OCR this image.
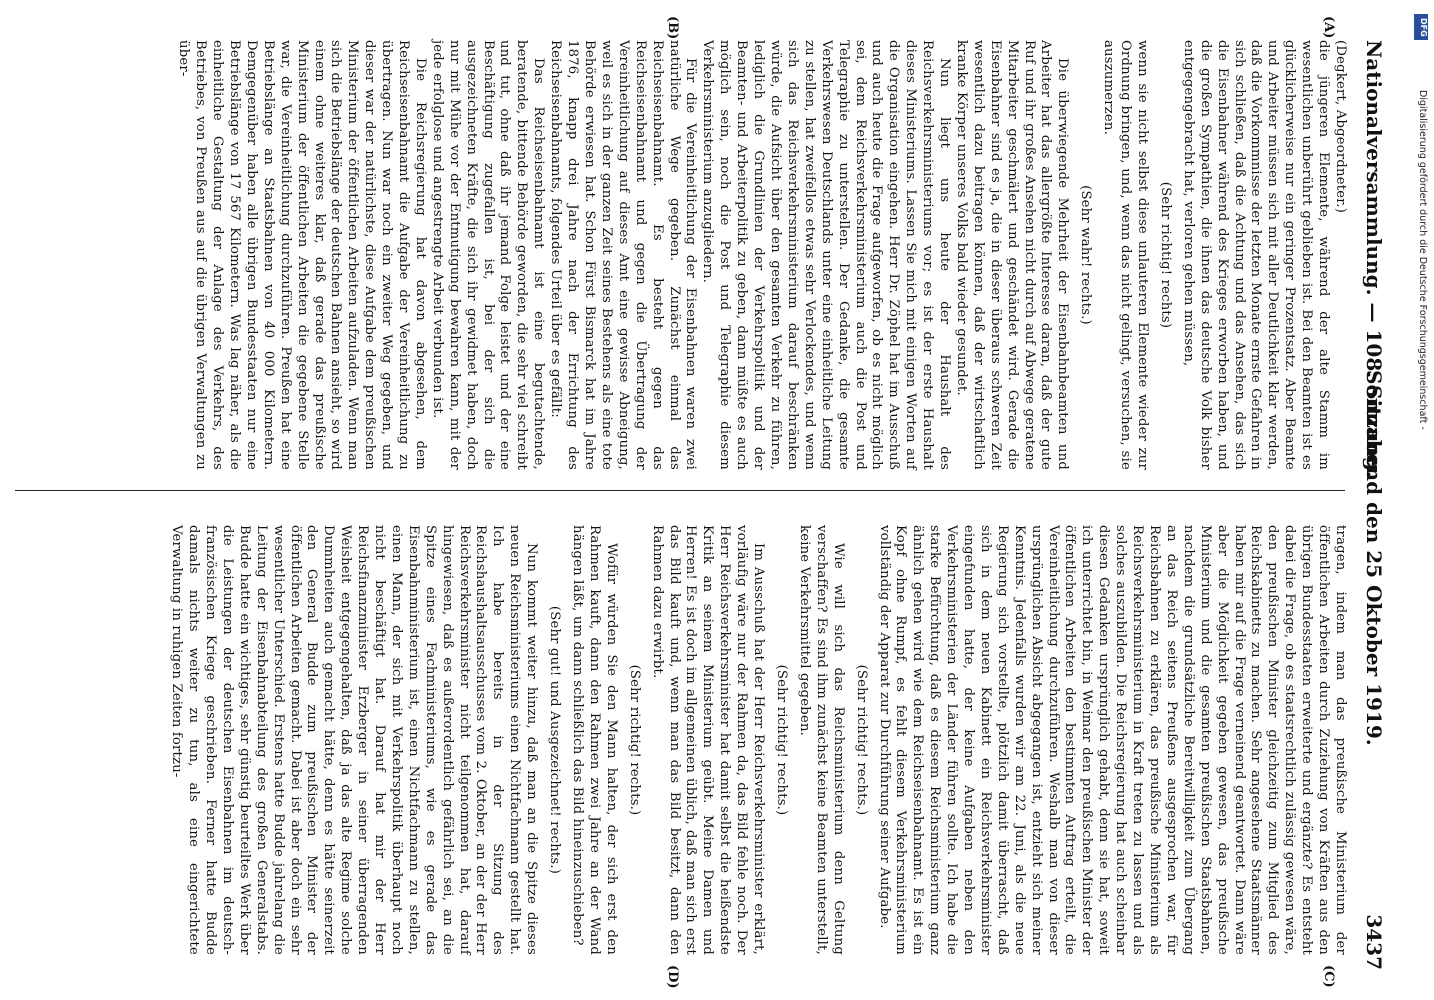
Nationalversammlung. — 108. Sitzung.
Sonnabend den 25 Oktober 1919.
3437

(Degkert, Abgeordneter.)

die jüngeren Elemente, während der alte Stamm im wesentlichen unberührt geblieben ist. Bei den Beamten ist es glücklicherweise nur ein geringer Prozentsatz. Aber Beamte und Arbeiter müssen sich mit aller Deutlichkeit klar werden, daß die Vorkommnisse der letzten Monate ernste Gefahren in sich schließen, daß die Achtung und das Ansehen, das sich die Eisenbahner während des Krieges erworben haben, und die großen Sympathien, die ihnen das deutsche Volk bisher entgegengebracht hat, verloren gehen müssen,

(Sehr richtig! rechts)

wenn sie nicht selbst diese unlauteren Elemente wieder zur Ordnung bringen, und, wenn das nicht gelingt, versuchen, sie auszumerzen.

(Sehr wahr! rechts.)

Die überwiegende Mehrheit der Eisenbahnbeamten und Arbeiter hat das allergrößte Interesse daran, daß der gute Ruf und ihr großes Ansehen nicht durch auf Abwege geratene Mitarbeiter geschmälert und geschändet wird. Gerade die Eisenbahner sind es ja, die in dieser überaus schweren Zeit wesentlich dazu beitragen können, daß der wirtschaftlich kranke Körper unseres Volks bald wieder gesundet.

Nun liegt uns heute der Haushalt des Reichsverkehrsministeriums vor; es ist der erste Haushalt dieses Ministeriums. Lassen Sie mich mit einigen Worten auf die Organisation eingehen. Herr Dr. Zöphel hat im Ausschuß und auch heute die Frage aufgeworfen, ob es nicht möglich sei, dem Reichsverkehrsministerium auch die Post und Telegraphie zu unterstellen. Der Gedanke, die gesamte Verkehrswesen Deutschlands unter eine einheitliche Leitung zu stellen, hat zweifellos etwas sehr Verlockendes, und wenn sich das Reichsverkehrsministerium darauf beschränken würde, die Aufsicht über den gesamten Verkehr zu führen, lediglich die Grundlinien der Verkehrspolitik und der Beamten- und Arbeiterpolitik zu geben, dann müßte es auch möglich sein, noch die Post und Telegraphie diesem Verkehrsministerium anzugliedern.

Für die Vereinheitlichung der Eisenbahnen waren zwei natürliche Wege gegeben. Zunächst einmal das Reichseisenbahnamt. Es besteht gegen das Reichseisenbahnamt und gegen die Übertragung der Vereinheitlichung auf dieses Amt eine gewisse Abneigung, weil es sich in der ganzen Zeit seines Bestehens als eine tote Behörde erwiesen hat. Schon Fürst Bismarck hat im Jahre 1876, knapp drei Jahre nach der Errichtung des Reichseisenbahnamts, folgendes Urteil über es gefällt:

Das Reichseisenbahnamt ist eine begutachtende, beratende, bittende Behörde geworden, die sehr viel schreibt und tut, ohne daß ihr jemand Folge leistet und der eine Beschäftigung zugefallen ist, bei der sich die ausgezeichneten Kräfte, die sich ihr gewidmet haben, doch nur mit Mühe vor der Entmutigung bewahren kann, mit der jede erfolglose und angestrengte Arbeit verbunden ist.

Die Reichsregierung hat davon abgesehen, dem Reichseisenbahnamt die Aufgabe der Vereinheitlichung zu übertragen. Nun war noch ein zweiter Weg gegeben, und dieser war der natürlichste, diese Aufgabe dem preußischen Ministerium der öffentlichen Arbeiten aufzuladen. Wenn man sich die Betriebslänge der deutschen Bahnen ansieht, so wird einem ohne weiteres klar, daß gerade das preußische Ministerium der öffentlichen Arbeiten die gegebene Stelle war, die Vereinheitlichung durchzuführen. Preußen hat eine Betriebslänge an Staatsbahnen von 40 000 Kilometern. Demgegenüber haben alle übrigen Bundesstaaten nur eine Betriebslänge von 17 567 Kilometern. Was lag näher, als die einheitliche Gestaltung der Anlage des Verkehrs, des Betriebes, von Preußen aus auf die übrigen Verwaltungen zu über-

tragen, indem man das preußische Ministerium der öffentlichen Arbeiten durch Zuziehung von Kräften aus den übrigen Bundesstaaten erweiterte und ergänzte? Es entsteht dabei die Frage, ob es staatsrechtlich zulässig gewesen wäre, den preußischen Minister gleichzeitig zum Mitglied des Reichskabinetts zu machen. Sehr angesehene Staatsmänner haben mir auf die Frage verneinend geantwortet. Dann wäre aber die Möglichkeit gegeben gewesen, das preußische Ministerium und die gesamten preußischen Staatsbahnen, nachdem die grundsätzliche Bereitwilligkeit zum Übergang an das Reich seitens Preußens ausgesprochen war, für Reichsbahnen zu erklären, das preußische Ministerium als Reichsverkehrsministerium in Kraft treten zu lassen und als solches auszubilden. Die Reichsregierung hat auch scheinbar diesen Gedanken ursprünglich gehabt, denn sie hat, soweit ich unterrichtet bin, in Weimar den preußischen Minister der öffentlichen Arbeiten den bestimmten Auftrag erteilt, die Vereinheitlichung durchzuführen. Weshalb man von dieser ursprünglichen Absicht abgegangen ist, entzieht sich meiner Kenntnis. Jedenfalls wurden wir am 22. Juni, als die neue Regierung sich vorstellte, plötzlich damit überrascht, daß sich in dem neuen Kabinett ein Reichsverkehrsminister eingefunden hatte, der keine Aufgaben neben den Verkehrsministerien der Länder führen sollte. Ich habe die starke Befürchtung, daß es diesem Reichsministerium ganz ähnlich gehen wird wie dem Reichseisenbahnamt. Es ist ein Kopf ohne Rumpf, es fehlt diesem Verkehrsministerium vollständig der Apparat zur Durchführung seiner Aufgabe.

(Sehr richtig! rechts.)

Wie will sich das Reichsministerium denn Geltung verschaffen? Es sind ihm zunächst keine Beamten unterstellt, keine Verkehrsmittel gegeben.

(Sehr richtig! rechts.)

Im Ausschuß hat der Herr Reichsverkehrsminister erklärt, vorläufig wäre nur der Rahmen da, das Bild fehle noch. Der Herr Reichsverkehrsminister hat damit selbst die heißendste Kritik an seinem Ministerium geübt. Meine Damen und Herren! Es ist doch im allgemeinen üblich, daß man sich erst das Bild kauft und, wenn man das Bild besitzt, dann den Rahmen dazu erwirbt.

(Sehr richtig! rechts.)

Wofür würden Sie den Mann halten, der sich erst den Rahmen kauft, dann den Rahmen zwei Jahre an der Wand hängen läßt, um dann schließlich das Bild hineinzuschieben?

(Sehr gut! und Ausgezeichnet! rechts.)

Nun kommt weiter hinzu, daß man an die Spitze dieses neuen Reichsministeriums einen Nichtfachmann gestellt hat. Ich habe bereits in der Sitzung des Reichshaushaltsausschusses vom 2. Oktober, an der der Herr Reichsverkehrsminister nicht teilgenommen hat, darauf hingewiesen, daß es außerordentlich gefährlich sei, an die Spitze eines Fachministeriums, wie es gerade das Eisenbahnministerium ist, einen Nichtfachmann zu stellen, einen Mann, der sich mit Verkehrspolitik überhaupt noch nicht beschäftigt hat. Darauf hat mir der Herr Reichsfinanzminister Erzberger in seiner überragenden Weisheit entgegengehalten, daß ja das alte Regime solche Dummheiten auch gemacht hätte, denn es hätte seinerzeit den General Budde zum preußischen Minister der öffentlichen Arbeiten gemacht. Dabei ist aber doch ein sehr wesentlicher Unterschied. Erstens hatte Budde jahrelang die Leitung der Eisenbahnabteilung des großen Generalstabs. Budde hatte ein wichtiges, sehr günstig beurteiltes Werk über die Leistungen der deutschen Eisenbahnen im deutsch-französischen Kriege geschrieben. Ferner hatte Budde damals nichts weiter zu tun, als eine eingerichtete Verwaltung in ruhigen Zeiten fortzu-

(A)
(B)
(C)
(D)
DFG
Digitalisierung gefördert durch die Deutsche Forschungsgemeinschaft -
